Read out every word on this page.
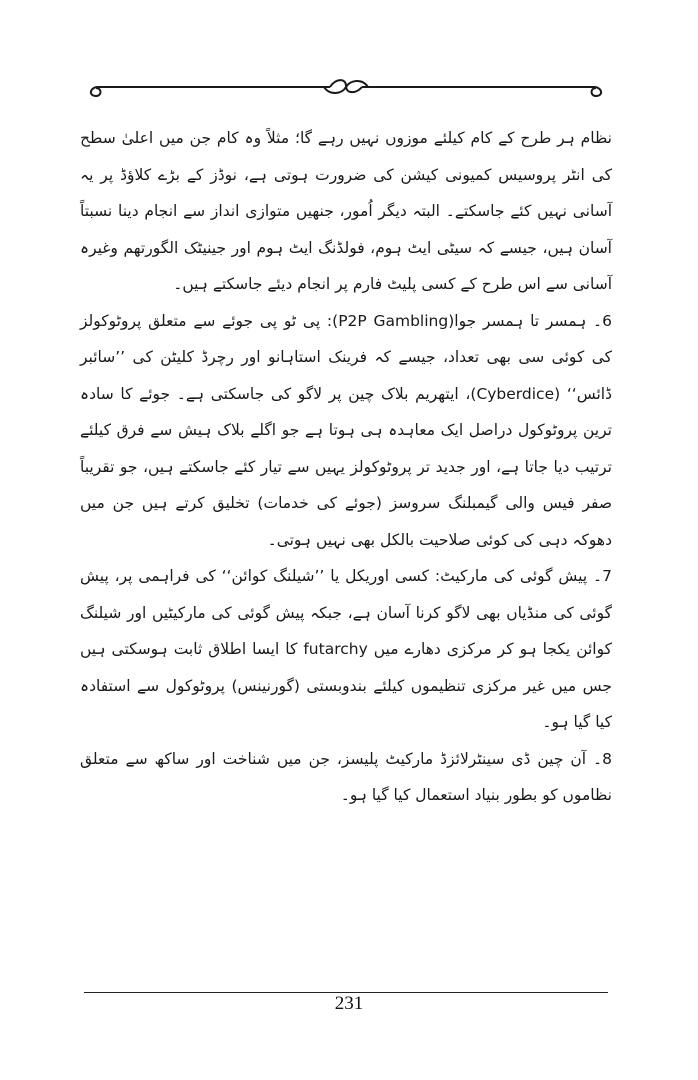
نظام ہر طرح کے کام کیلئے موزوں نہیں رہے گا؛ مثلاً وہ کام جن میں اعلیٰ سطح کی انٹر پروسیس کمیونی کیشن کی ضرورت ہوتی ہے، نوڈز کے بڑے کلاؤڈ پر یہ آسانی نہیں کئے جاسکتے۔ البتہ دیگر اُمور، جنھیں متوازی انداز سے انجام دینا نسبتاً آسان ہیں، جیسے کہ سیٹی ایٹ ہوم، فولڈنگ ایٹ ہوم اور جینیٹک الگورتھم وغیرہ آسانی سے اس طرح کے کسی پلیٹ فارم پر انجام دیئے جاسکتے ہیں۔

6۔ ہمسر تا ہمسر جوا(P2P Gambling): پی ٹو پی جوئے سے متعلق پروٹوکولز کی کوئی سی بھی تعداد، جیسے کہ فرینک استاہانو اور رچرڈ کلیٹن کی ’’سائبر ڈائس‘‘ (Cyberdice)، ایتھریم بلاک چین پر لاگو کی جاسکتی ہے۔ جوئے کا سادہ ترین پروٹوکول دراصل ایک معاہدہ ہی ہوتا ہے جو اگلے بلاک ہیش سے فرق کیلئے ترتیب دیا جاتا ہے، اور جدید تر پروٹوکولز یہیں سے تیار کئے جاسکتے ہیں، جو تقریباً صفر فیس والی گیمبلنگ سروسز (جوئے کی خدمات) تخلیق کرتے ہیں جن میں دھوکہ دہی کی کوئی صلاحیت بالکل بھی نہیں ہوتی۔

7۔ پیش گوئی کی مارکیٹ: کسی اوریکل یا ’’شیلنگ کوائن‘‘ کی فراہمی پر، پیش گوئی کی منڈیاں بھی لاگو کرنا آسان ہے، جبکہ پیش گوئی کی مارکیٹیں اور شیلنگ کوائن یکجا ہو کر مرکزی دھارے میں futarchy کا ایسا اطلاق ثابت ہوسکتی ہیں جس میں غیر مرکزی تنظیموں کیلئے بندوبستی (گورنینس) پروٹوکول سے استفادہ کیا گیا ہو۔

8۔ آن چین ڈی سینٹرلائزڈ مارکیٹ پلیسز، جن میں شناخت اور ساکھ سے متعلق نظاموں کو بطور بنیاد استعمال کیا گیا ہو۔

231
